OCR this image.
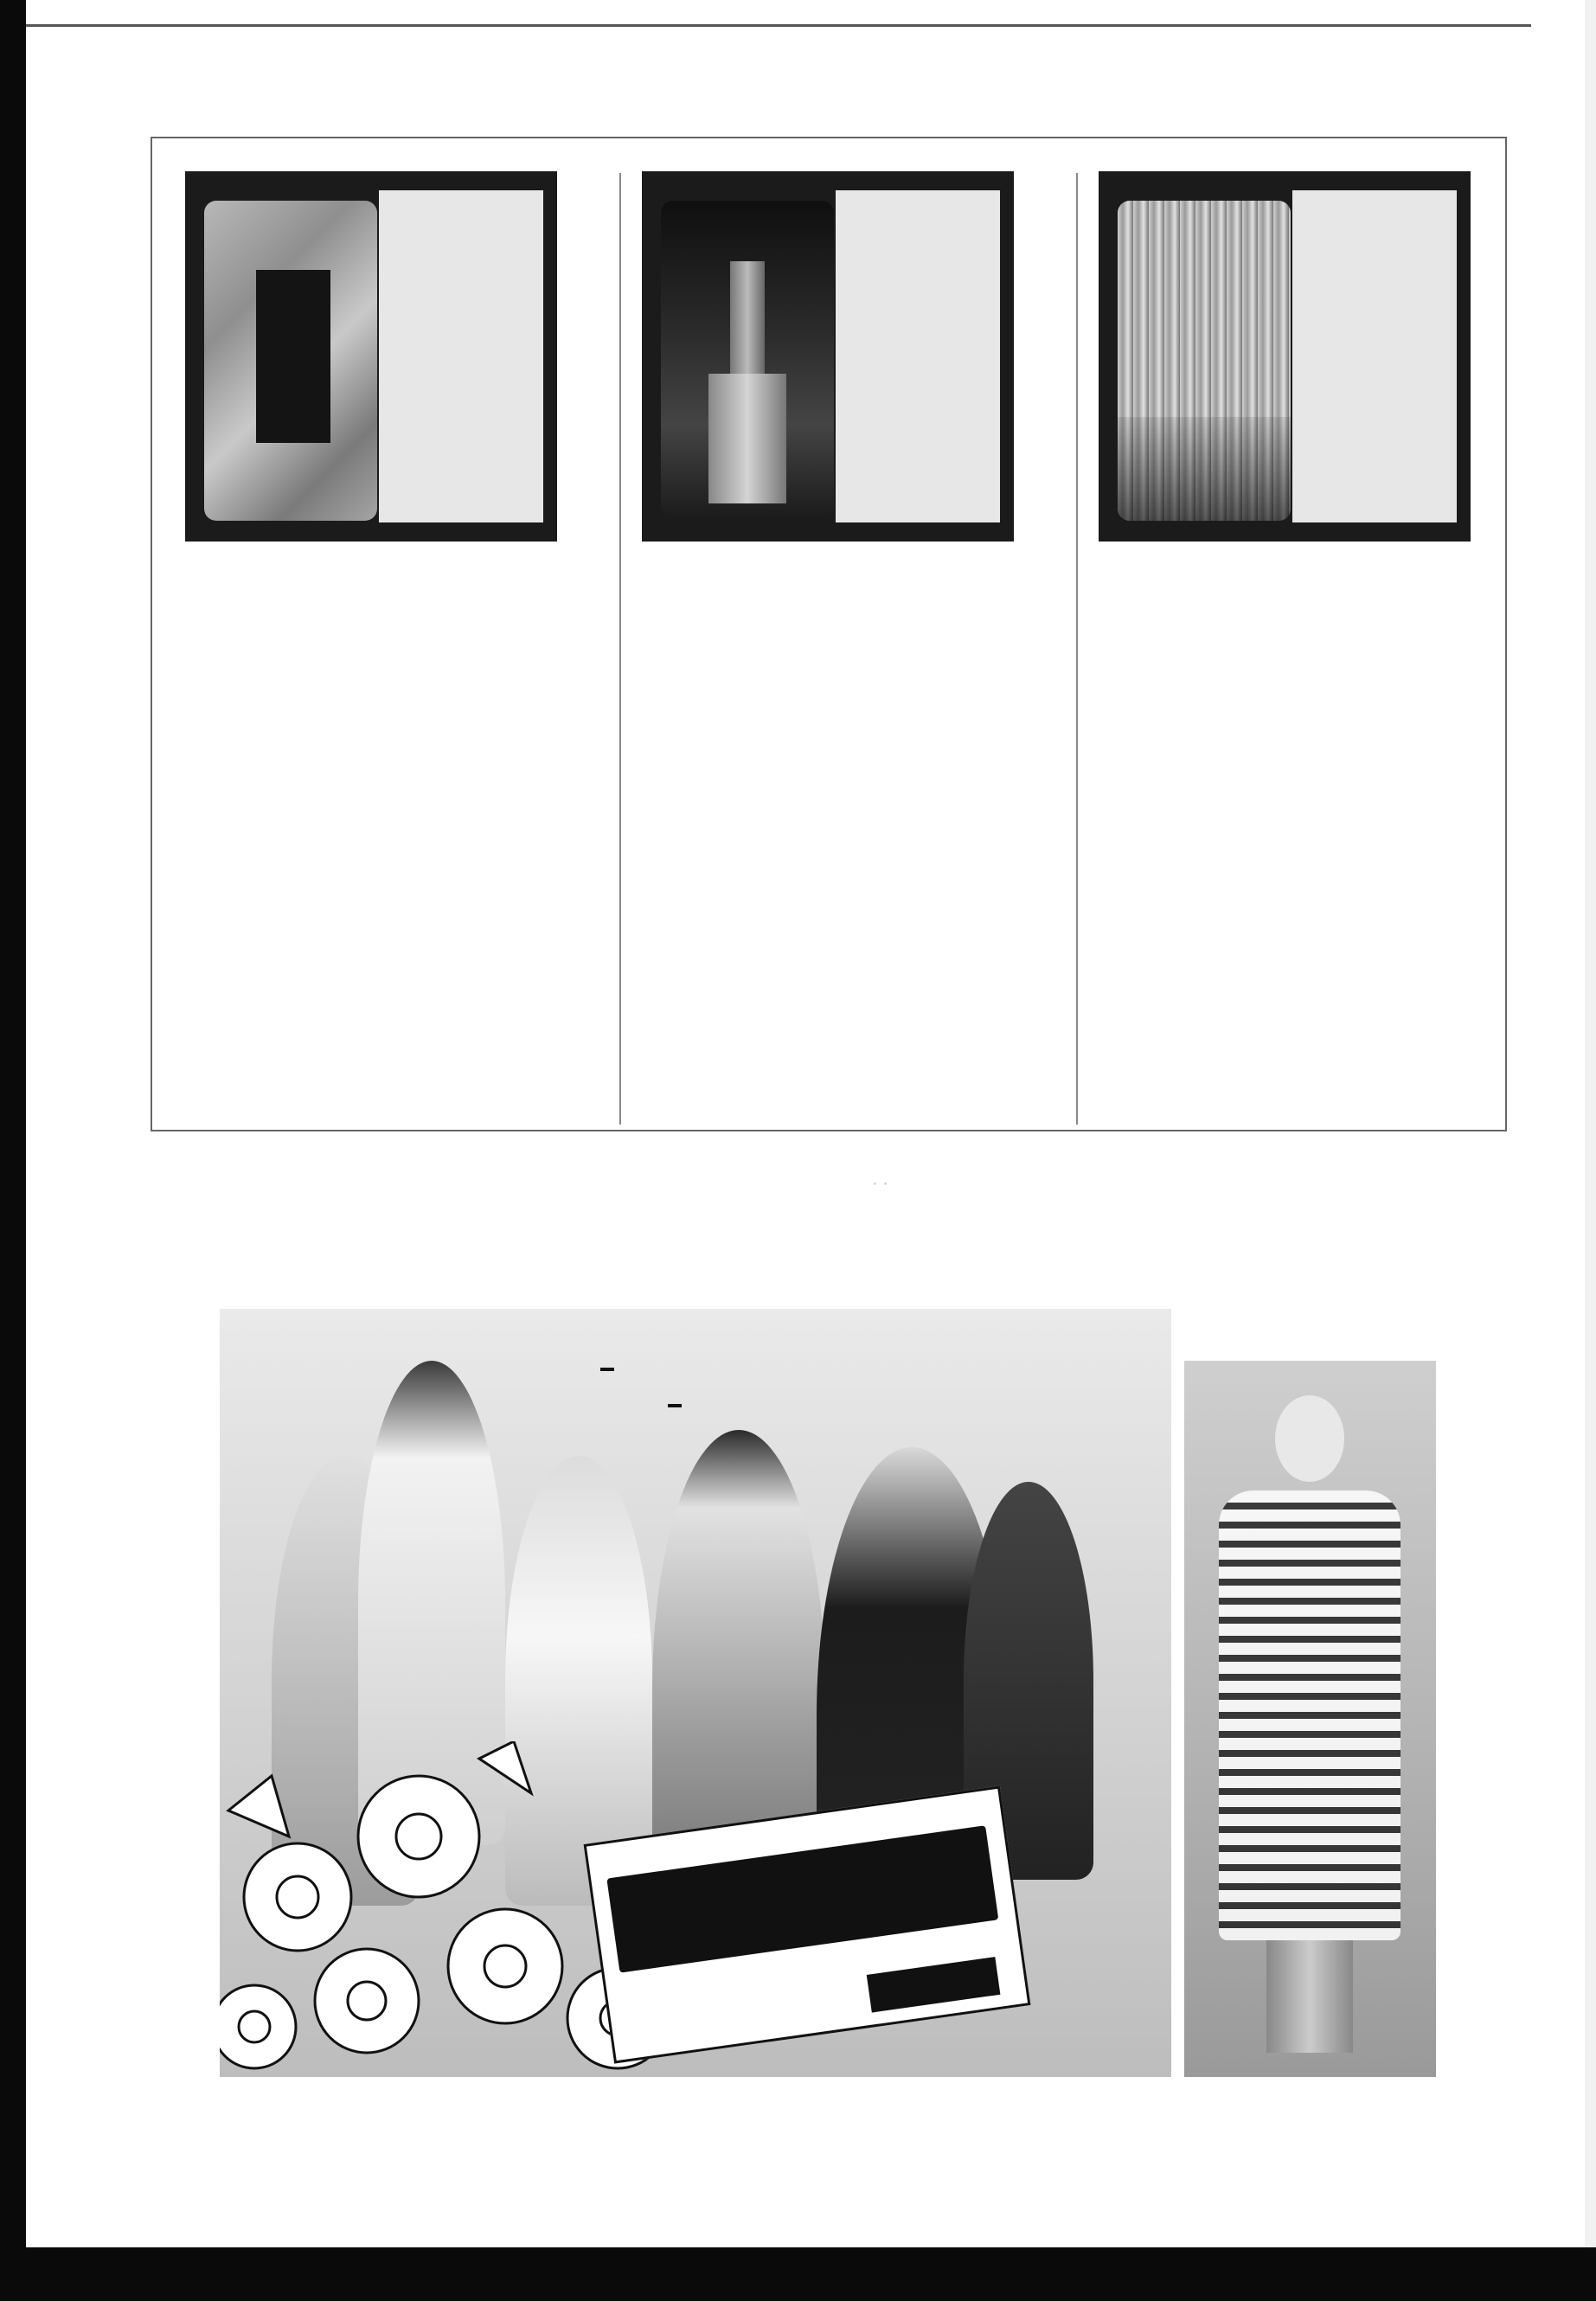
· ·
